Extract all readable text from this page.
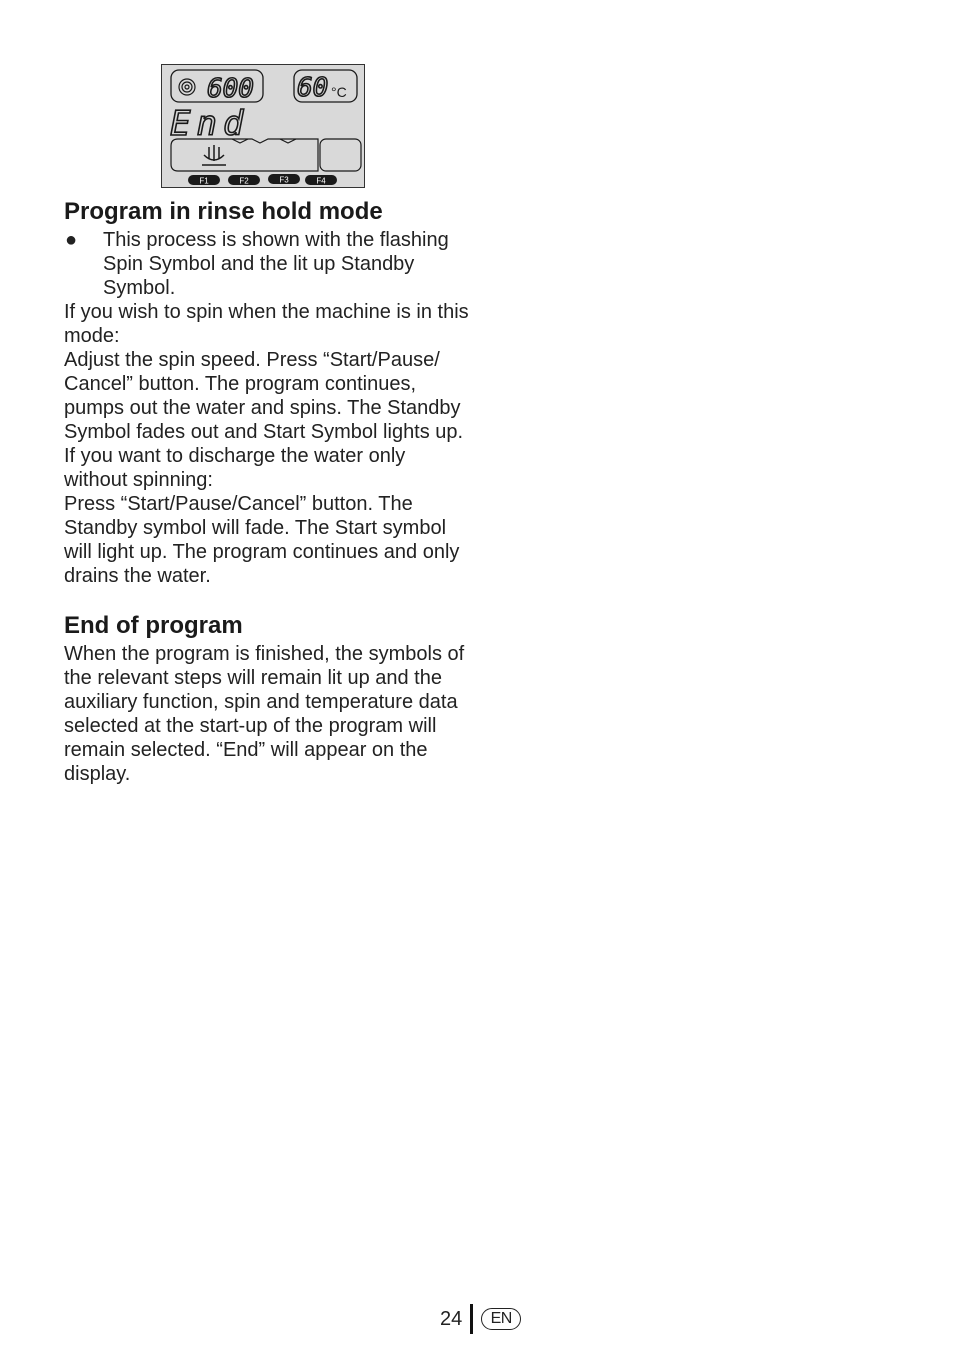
600 60 °C
End
F1	F2	F3	F4
Program in rinse hold mode
● This process is shown with the flashing Spin Symbol and the lit up Standby Symbol.

If you wish to spin when the machine is in this mode:

Adjust the spin speed. Press “Start/Pause/ Cancel” button. The program continues, pumps out the water and spins. The Standby Symbol fades out and Start Symbol lights up.

If you want to discharge the water only without spinning:

Press “Start/Pause/Cancel” button. The Standby symbol will fade. The Start symbol will light up. The program continues and only drains the water.

End of program

When the program is finished, the symbols of the relevant steps will remain lit up and the auxiliary function, spin and temperature data selected at the start-up of the program will remain selected. “End” will appear on the display.

24	EN
